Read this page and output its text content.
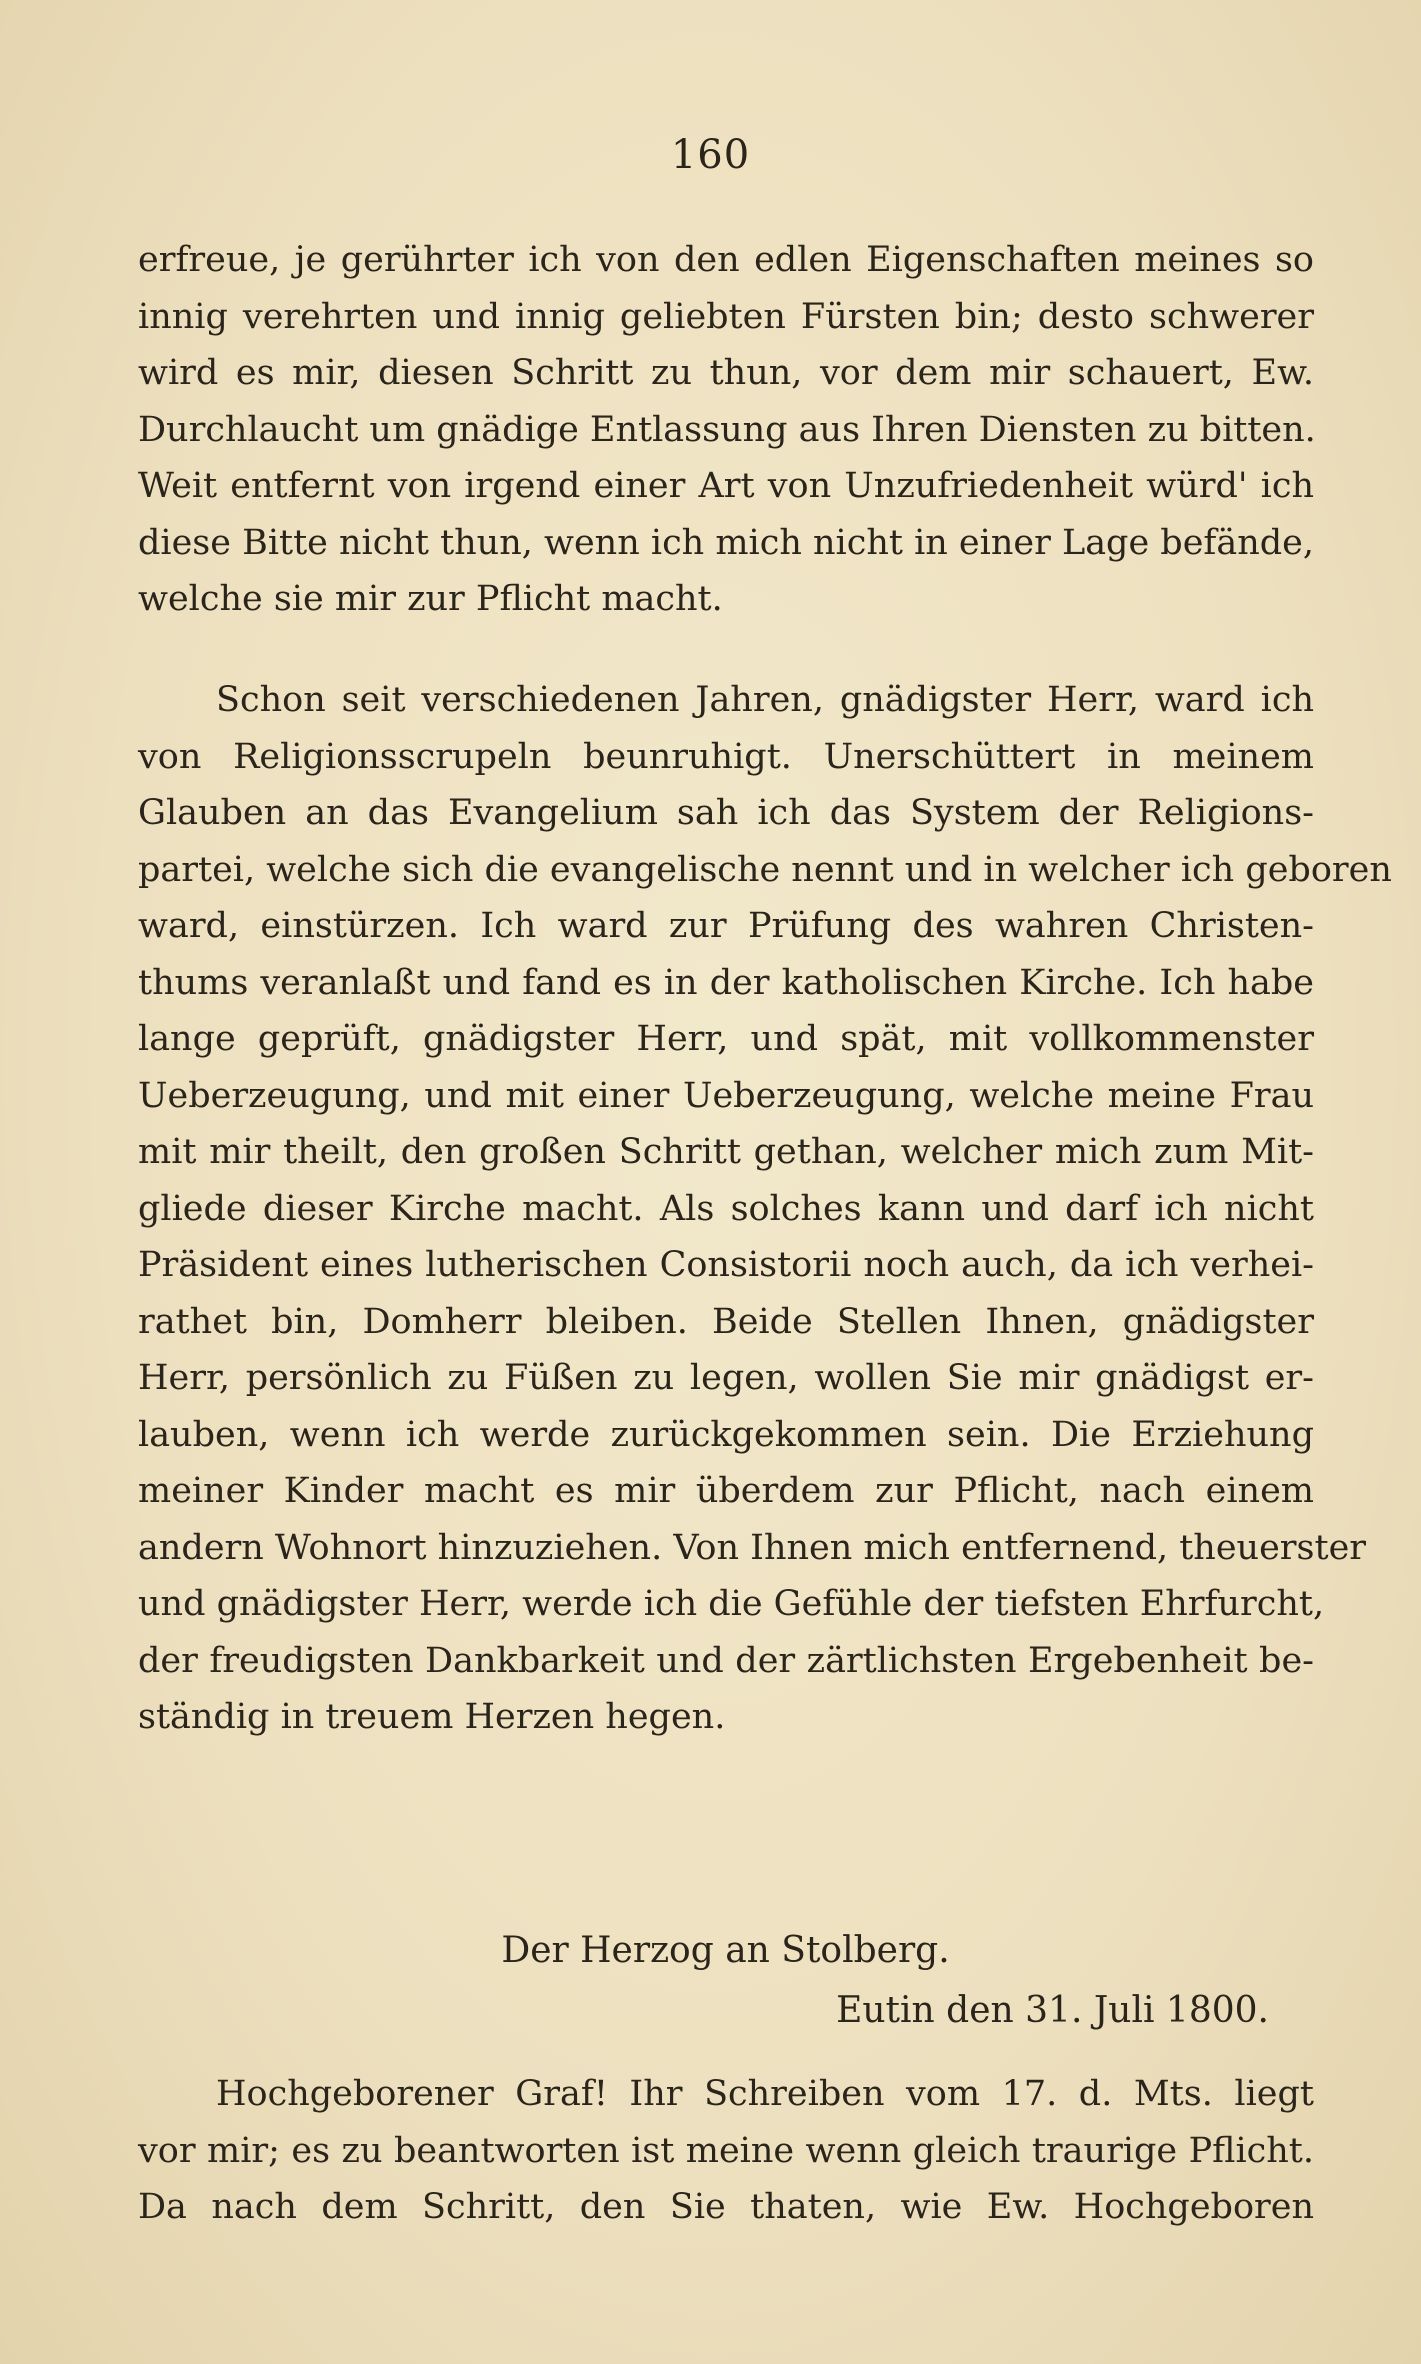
160
erfreue, je gerührter ich von den edlen Eigenschaften meines so
innig verehrten und innig geliebten Fürsten bin; desto schwerer
wird es mir, diesen Schritt zu thun, vor dem mir schauert, Ew.
Durchlaucht um gnädige Entlassung aus Ihren Diensten zu bitten.
Weit entfernt von irgend einer Art von Unzufriedenheit würd' ich
diese Bitte nicht thun, wenn ich mich nicht in einer Lage befände,
welche sie mir zur Pflicht macht.
Schon seit verschiedenen Jahren, gnädigster Herr, ward ich
von Religionsscrupeln beunruhigt. Unerschüttert in meinem
Glauben an das Evangelium sah ich das System der Religions-
partei, welche sich die evangelische nennt und in welcher ich geboren
ward, einstürzen. Ich ward zur Prüfung des wahren Christen-
thums veranlaßt und fand es in der katholischen Kirche. Ich habe
lange geprüft, gnädigster Herr, und spät, mit vollkommenster
Ueberzeugung, und mit einer Ueberzeugung, welche meine Frau
mit mir theilt, den großen Schritt gethan, welcher mich zum Mit-
gliede dieser Kirche macht. Als solches kann und darf ich nicht
Präsident eines lutherischen Consistorii noch auch, da ich verhei-
rathet bin, Domherr bleiben. Beide Stellen Ihnen, gnädigster
Herr, persönlich zu Füßen zu legen, wollen Sie mir gnädigst er-
lauben, wenn ich werde zurückgekommen sein. Die Erziehung
meiner Kinder macht es mir überdem zur Pflicht, nach einem
andern Wohnort hinzuziehen. Von Ihnen mich entfernend, theuerster
und gnädigster Herr, werde ich die Gefühle der tiefsten Ehrfurcht,
der freudigsten Dankbarkeit und der zärtlichsten Ergebenheit be-
ständig in treuem Herzen hegen.
Der Herzog an Stolberg.
Eutin den 31. Juli 1800.
Hochgeborener Graf! Ihr Schreiben vom 17. d. Mts. liegt
vor mir; es zu beantworten ist meine wenn gleich traurige Pflicht.
Da nach dem Schritt, den Sie thaten, wie Ew. Hochgeboren
